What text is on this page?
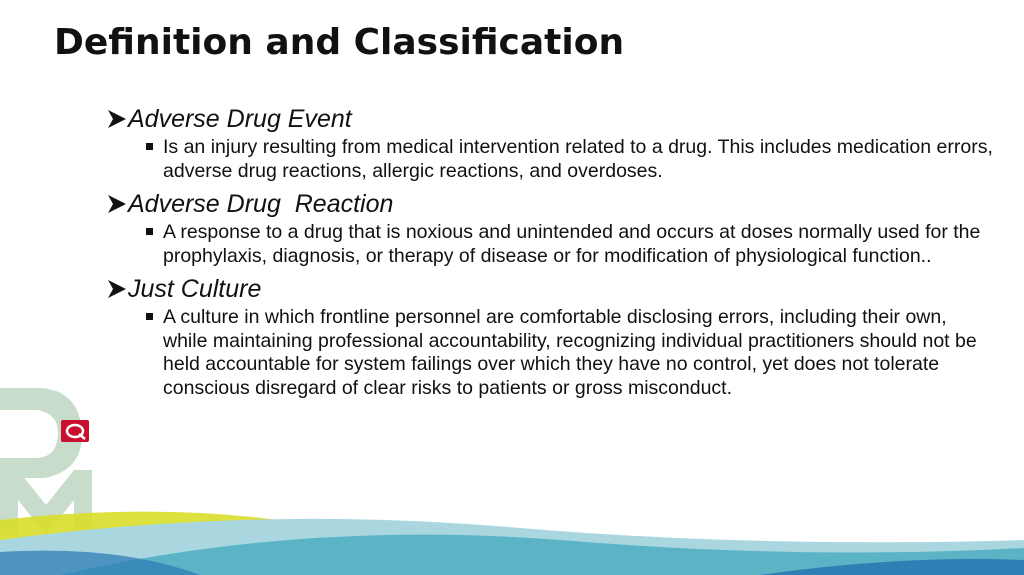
Definition and Classification

Adverse Drug Event

Is an injury resulting from medical intervention related to a drug. This includes medication errors, adverse drug reactions, allergic reactions, and overdoses.

Adverse Drug  Reaction

A response to a drug that is noxious and unintended and occurs at doses normally used for the prophylaxis, diagnosis, or therapy of disease or for modification of physiological function..

Just Culture

A culture in which frontline personnel are comfortable disclosing errors, including their own, while maintaining professional accountability, recognizing individual practitioners should not be held accountable for system failings over which they have no control, yet does not tolerate conscious disregard of clear risks to patients or gross misconduct.
